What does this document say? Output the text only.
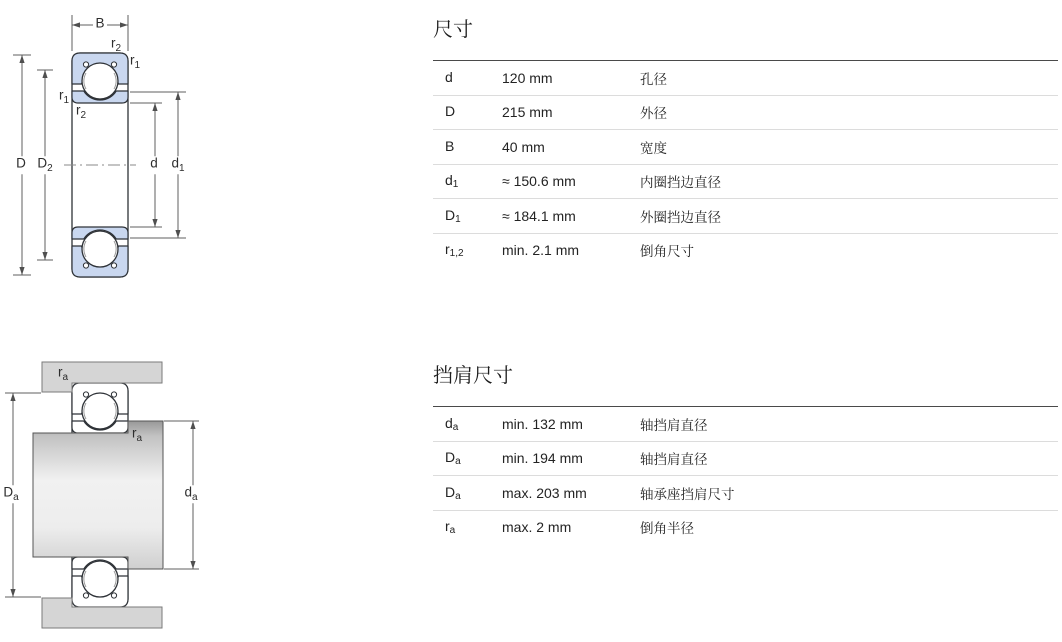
B
$r_2$
$r_1$
$r_1$
$r_2$
D $D_2$	d $d_1$
$r_a$
$r_a$
$D_a$	$d_a$
尺寸
d	120 mm	孔径
D	215 mm	外径
B	40 mm	宽度
$d_1$	≈ 150.6 mm	内圈挡边直径
$D_1$	≈ 184.1 mm	外圈挡边直径
$r_{1,2}$	min. 2.1 mm	倒角尺寸
挡肩尺寸
$d_a$	min. 132 mm	轴挡肩直径
$D_a$	min. 194 mm	轴挡肩直径
$D_a$	max. 203 mm	轴承座挡肩尺寸
$r_a$	max. 2 mm	倒角半径
